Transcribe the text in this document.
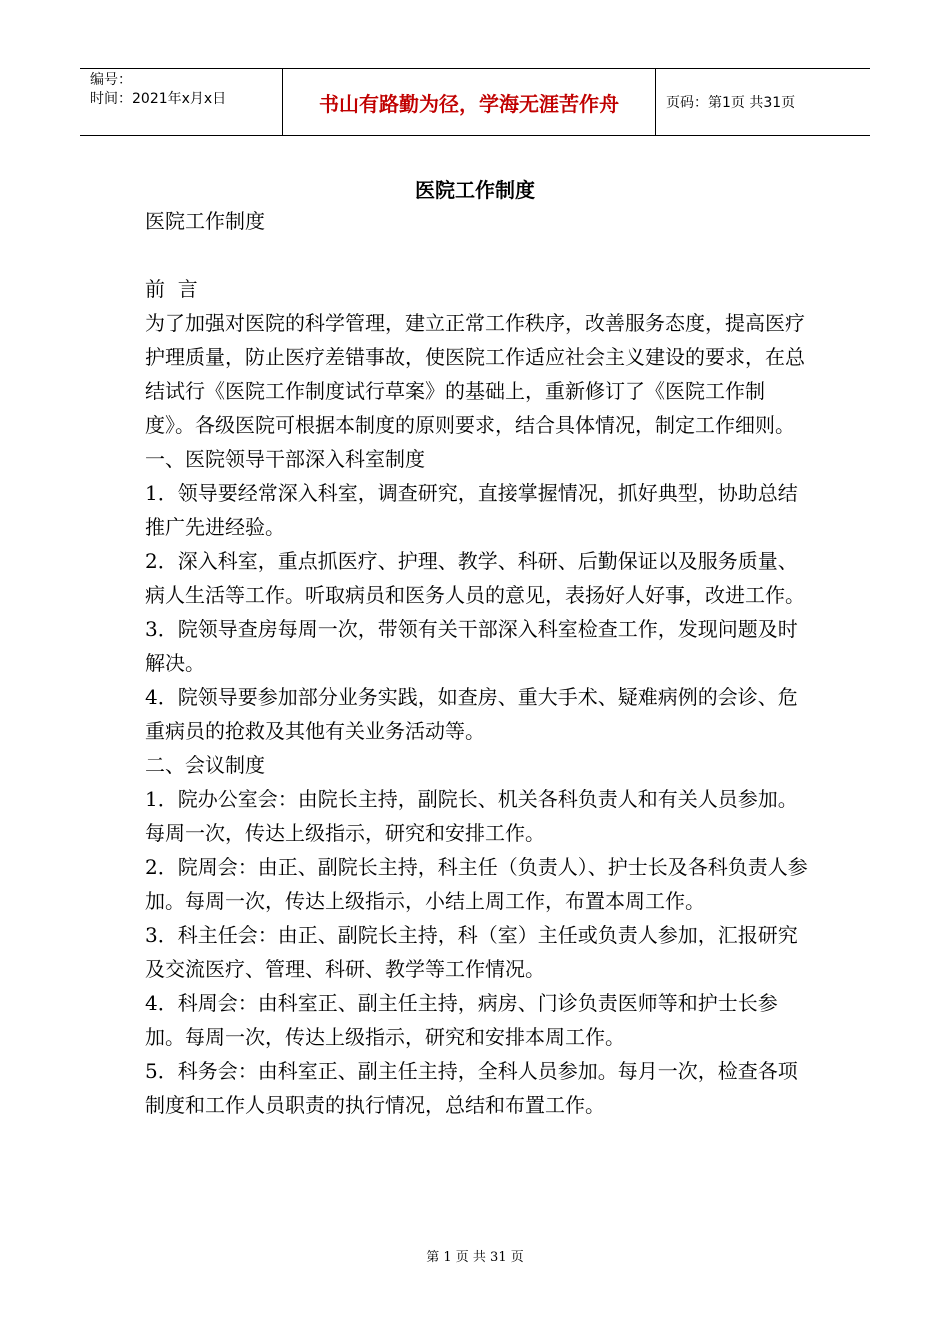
编号：
时间：2021年x月x日	书山有路勤为径，学海无涯苦作舟	页码：第1页 共31页
医院工作制度

医院工作制度

前  言

为了加强对医院的科学管理，建立正常工作秩序，改善服务态度，提高医疗护理质量，防止医疗差错事故，使医院工作适应社会主义建设的要求，在总结试行《医院工作制度试行草案》的基础上，重新修订了《医院工作制度》。各级医院可根据本制度的原则要求，结合具体情况，制定工作细则。

一、医院领导干部深入科室制度

1．领导要经常深入科室，调查研究，直接掌握情况，抓好典型，协助总结推广先进经验。

2．深入科室，重点抓医疗、护理、教学、科研、后勤保证以及服务质量、病人生活等工作。听取病员和医务人员的意见，表扬好人好事，改进工作。

3．院领导查房每周一次，带领有关干部深入科室检查工作，发现问题及时解决。

4．院领导要参加部分业务实践，如查房、重大手术、疑难病例的会诊、危重病员的抢救及其他有关业务活动等。

二、会议制度

1．院办公室会：由院长主持，副院长、机关各科负责人和有关人员参加。每周一次，传达上级指示，研究和安排工作。

2．院周会：由正、副院长主持，科主任（负责人）、护士长及各科负责人参加。每周一次，传达上级指示，小结上周工作，布置本周工作。

3．科主任会：由正、副院长主持，科（室）主任或负责人参加，汇报研究及交流医疗、管理、科研、教学等工作情况。

4．科周会：由科室正、副主任主持，病房、门诊负责医师等和护士长参加。每周一次，传达上级指示，研究和安排本周工作。

5．科务会：由科室正、副主任主持，全科人员参加。每月一次，检查各项制度和工作人员职责的执行情况，总结和布置工作。

第 1 页 共 31 页
